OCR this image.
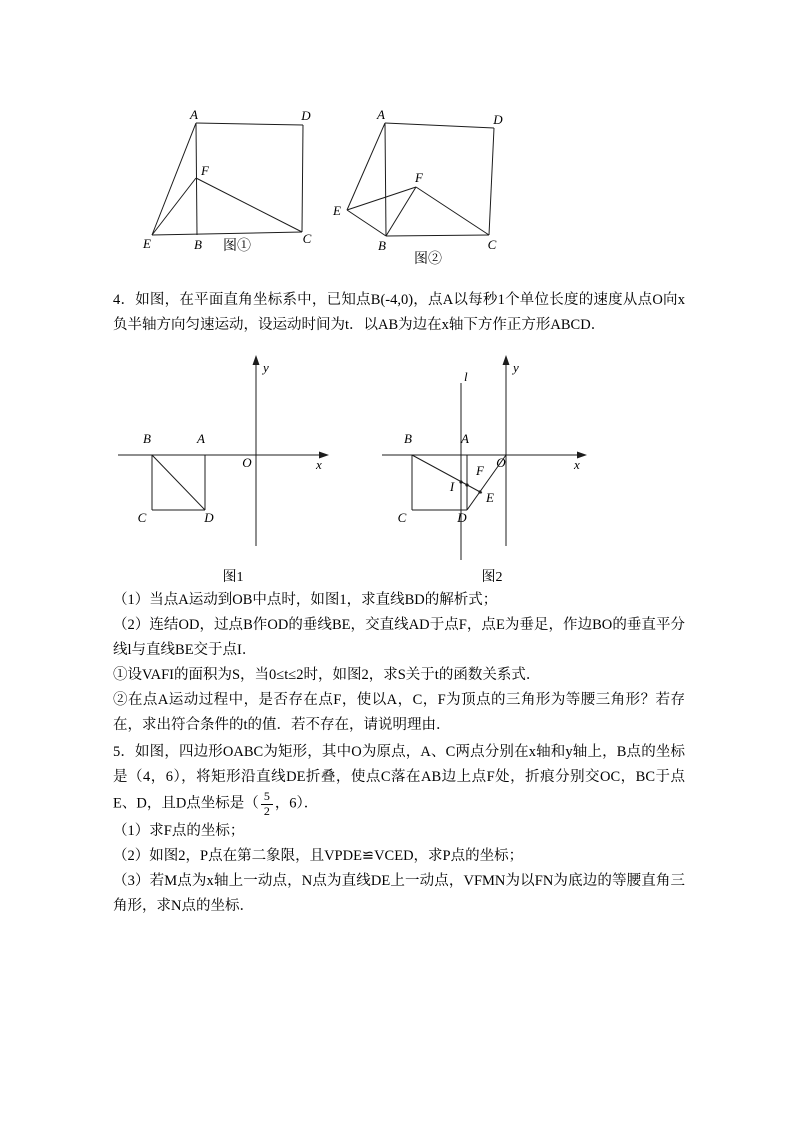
A	D
E	B	C
F
图①
A	D
E
B	C
F
图②
4．如图，在平面直角坐标系中，已知点B(-4,0)，点A以每秒1个单位长度的速度从点O向x负半轴方向匀速运动，设运动时间为t．以AB为边在x轴下方作正方形ABCD．
y
x
O
B	A
C	D
图1
y
x
O
l
B	A
C	D
F
E
I
图2
（1）当点A运动到OB中点时，如图1，求直线BD的解析式；
（2）连结OD，过点B作OD的垂线BE，交直线AD于点F，点E为垂足，作边BO的垂直平分线l与直线BE交于点I．
①设VAFI的面积为S，当0≤t≤2时，如图2，求S关于t的函数关系式．
②在点A运动过程中，是否存在点F，使以A，C，F为顶点的三角形为等腰三角形？若存在，求出符合条件的t的值．若不存在，请说明理由．
5．如图，四边形OABC为矩形，其中O为原点，A、C两点分别在x轴和y轴上，B点的坐标是（4，6），将矩形沿直线DE折叠，使点C落在AB边上点F处，折痕分别交OC，BC于点E、D，且D点坐标是（ $\frac{5}{2}$ ，6）．
（1）求F点的坐标；
（2）如图2，P点在第二象限，且VPDE≌VCED，求P点的坐标；
（3）若M点为x轴上一动点，N点为直线DE上一动点，VFMN为以FN为底边的等腰直角三角形，求N点的坐标．
